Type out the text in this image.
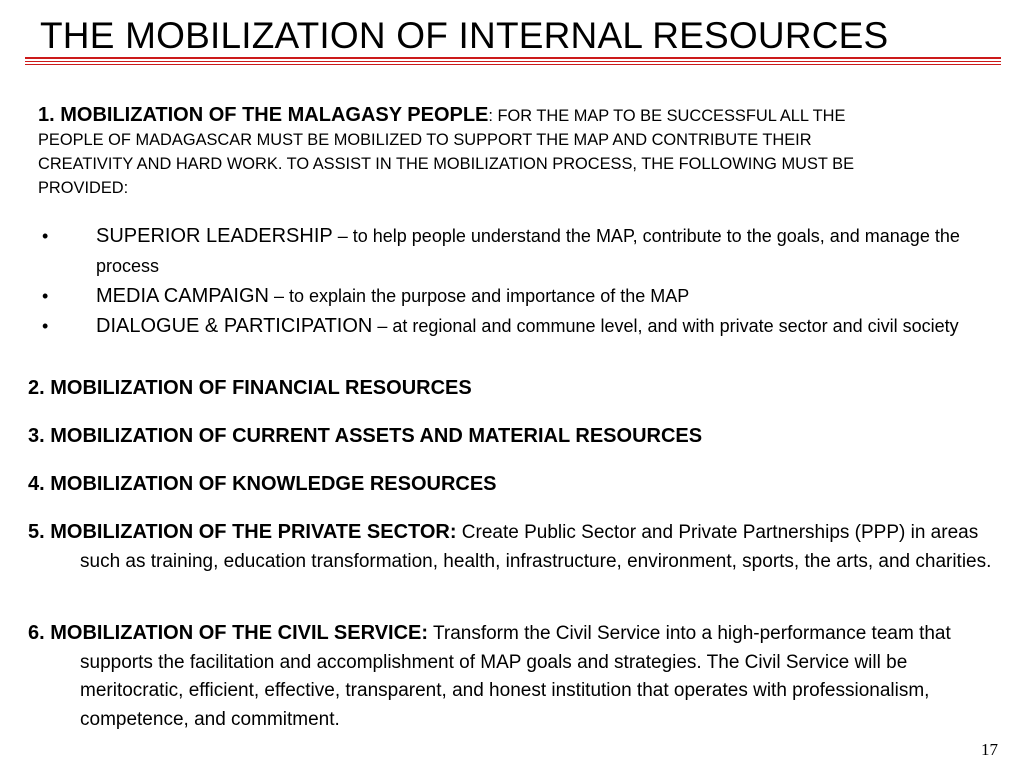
THE MOBILIZATION OF INTERNAL RESOURCES
1. MOBILIZATION OF THE MALAGASY PEOPLE: FOR THE MAP TO BE SUCCESSFUL ALL THE PEOPLE OF MADAGASCAR MUST BE MOBILIZED TO SUPPORT THE MAP AND CONTRIBUTE THEIR CREATIVITY AND HARD WORK. TO ASSIST IN THE MOBILIZATION PROCESS, THE FOLLOWING MUST BE PROVIDED:
• SUPERIOR LEADERSHIP – to help people understand the MAP, contribute to the goals, and manage the process
• MEDIA CAMPAIGN – to explain the purpose and importance of the MAP
• DIALOGUE & PARTICIPATION – at regional and commune level, and with private sector and civil society
2. MOBILIZATION OF FINANCIAL RESOURCES
3. MOBILIZATION OF CURRENT ASSETS AND MATERIAL RESOURCES
4. MOBILIZATION OF KNOWLEDGE RESOURCES
5. MOBILIZATION OF THE PRIVATE SECTOR: Create Public Sector and Private Partnerships (PPP) in areas such as training, education transformation, health, infrastructure, environment, sports, the arts, and charities.
6. MOBILIZATION OF THE CIVIL SERVICE: Transform the Civil Service into a high-performance team that supports the facilitation and accomplishment of MAP goals and strategies. The Civil Service will be meritocratic, efficient, effective, transparent, and honest institution that operates with professionalism, competence, and commitment.
17
